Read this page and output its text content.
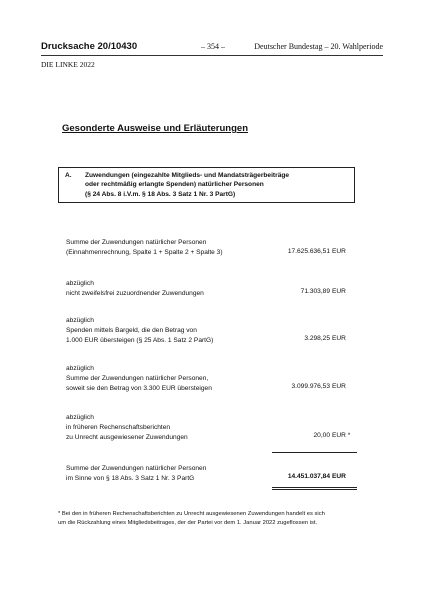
Drucksache 20/10430	– 354 –	Deutscher Bundestag – 20. Wahlperiode
DIE LINKE 2022
Gesonderte Ausweise und Erläuterungen
A. Zuwendungen (eingezahlte Mitglieds- und Mandatsträgerbeiträge
oder rechtmäßig erlangte Spenden) natürlicher Personen
(§ 24 Abs. 8 i.V.m. § 18 Abs. 3 Satz 1 Nr. 3 PartG)
Summe der Zuwendungen natürlicher Personen
(Einnahmenrechnung, Spalte 1 + Spalte 2 + Spalte 3)	17.625.636,51 EUR
abzüglich
nicht zweifelsfrei zuzuordnender Zuwendungen	71.303,89 EUR
abzüglich
Spenden mittels Bargeld, die den Betrag von
1.000 EUR übersteigen (§ 25 Abs. 1 Satz 2 PartG)	3.298,25 EUR
abzüglich
Summe der Zuwendungen natürlicher Personen,
soweit sie den Betrag von 3.300 EUR übersteigen	3.099.976,53 EUR
abzüglich
in früheren Rechenschaftsberichten
zu Unrecht ausgewiesener Zuwendungen	20,00 EUR *
Summe der Zuwendungen natürlicher Personen
im Sinne von § 18 Abs. 3 Satz 1 Nr. 3 PartG	14.451.037,84 EUR
* Bei den in früheren Rechenschaftsberichten zu Unrecht ausgewiesenen Zuwendungen handelt es sich
um die Rückzahlung eines Mitgliedsbeitrages, der der Partei vor dem 1. Januar 2022 zugeflossen ist.
